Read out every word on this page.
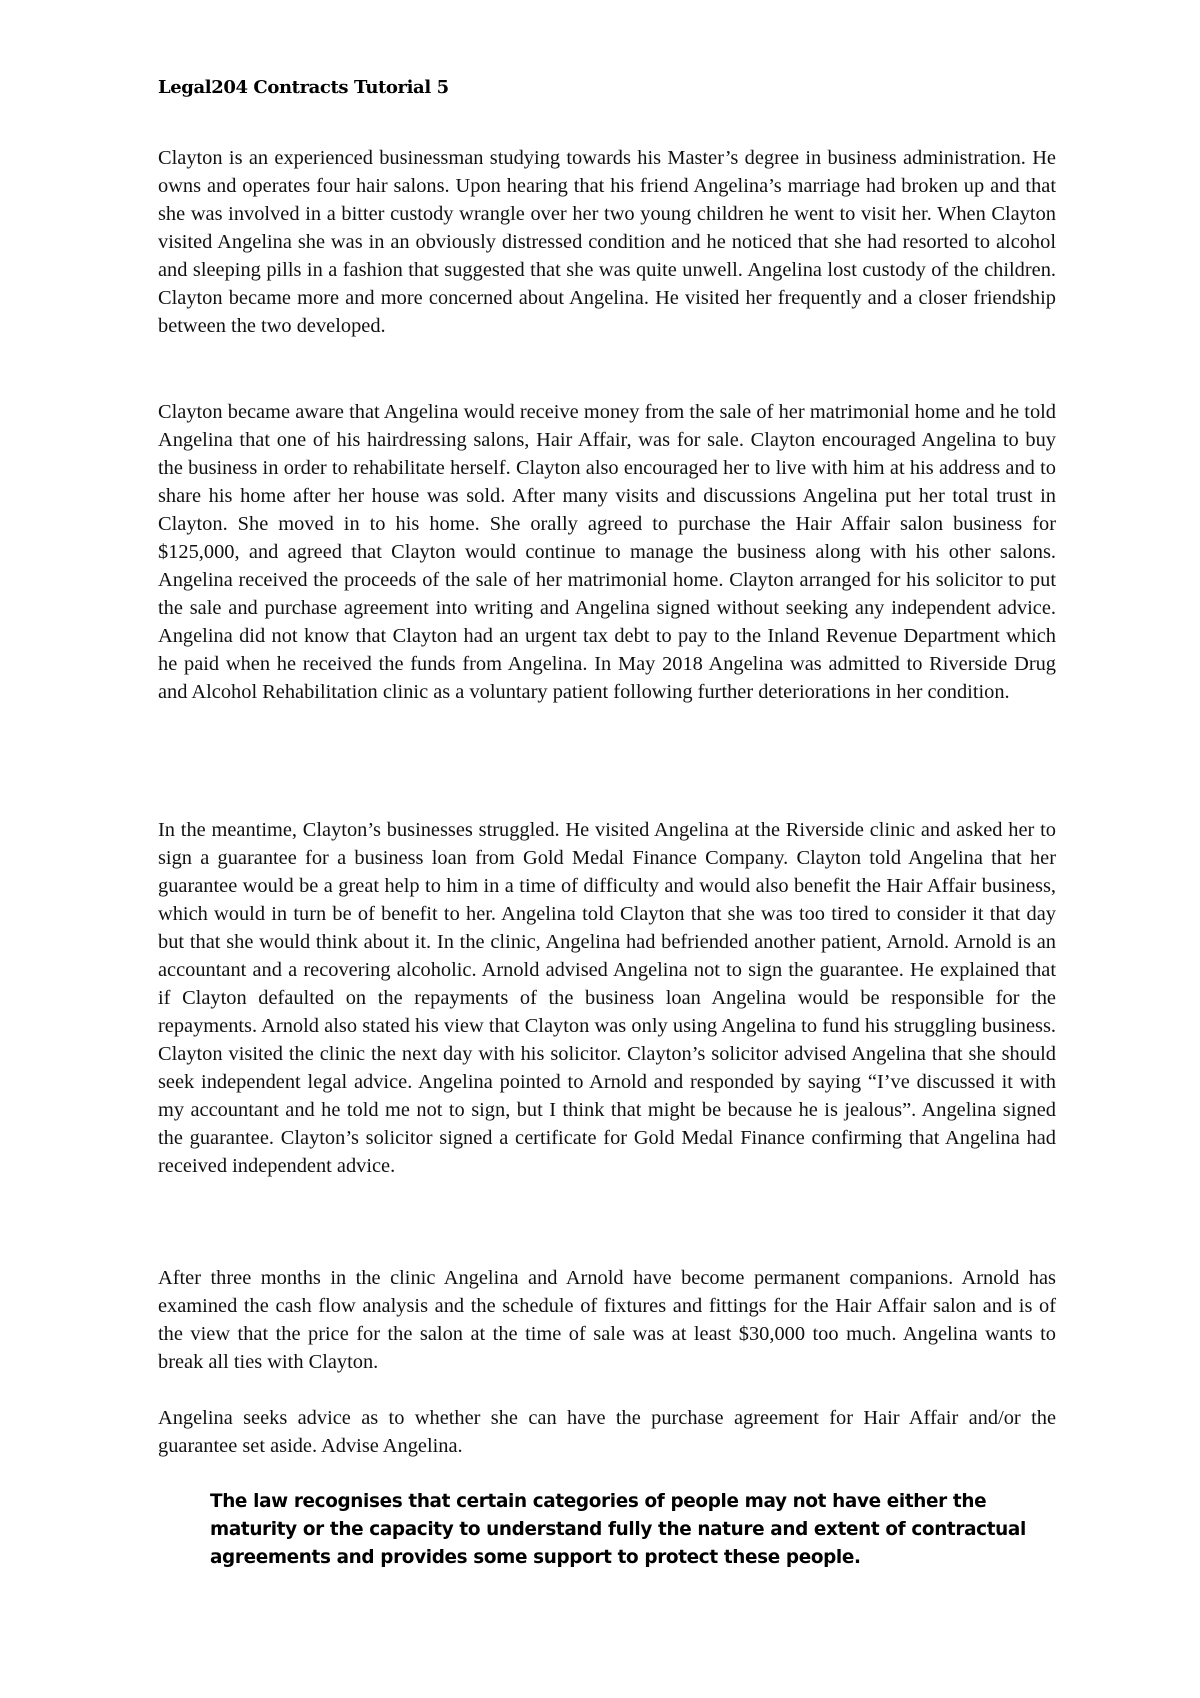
Legal204 Contracts Tutorial 5

Clayton is an experienced businessman studying towards his Master’s degree in business administration. He owns and operates four hair salons. Upon hearing that his friend Angelina’s marriage had broken up and that she was involved in a bitter custody wrangle over her two young children he went to visit her. When Clayton visited Angelina she was in an obviously distressed condition and he noticed that she had resorted to alcohol and sleeping pills in a fashion that suggested that she was quite unwell. Angelina lost custody of the children. Clayton became more and more concerned about Angelina. He visited her frequently and a closer friendship between the two developed.

Clayton became aware that Angelina would receive money from the sale of her matrimonial home and he told Angelina that one of his hairdressing salons, Hair Affair, was for sale. Clayton encouraged Angelina to buy the business in order to rehabilitate herself. Clayton also encouraged her to live with him at his address and to share his home after her house was sold. After many visits and discussions Angelina put her total trust in Clayton. She moved in to his home. She orally agreed to purchase the Hair Affair salon business for $125,000, and agreed that Clayton would continue to manage the business along with his other salons. Angelina received the proceeds of the sale of her matrimonial home. Clayton arranged for his solicitor to put the sale and purchase agreement into writing and Angelina signed without seeking any independent advice. Angelina did not know that Clayton had an urgent tax debt to pay to the Inland Revenue Department which he paid when he received the funds from Angelina. In May 2018 Angelina was admitted to Riverside Drug and Alcohol Rehabilitation clinic as a voluntary patient following further deteriorations in her condition.

In the meantime, Clayton’s businesses struggled. He visited Angelina at the Riverside clinic and asked her to sign a guarantee for a business loan from Gold Medal Finance Company. Clayton told Angelina that her guarantee would be a great help to him in a time of difficulty and would also benefit the Hair Affair business, which would in turn be of benefit to her. Angelina told Clayton that she was too tired to consider it that day but that she would think about it. In the clinic, Angelina had befriended another patient, Arnold. Arnold is an accountant and a recovering alcoholic. Arnold advised Angelina not to sign the guarantee. He explained that if Clayton defaulted on the repayments of the business loan Angelina would be responsible for the repayments. Arnold also stated his view that Clayton was only using Angelina to fund his struggling business. Clayton visited the clinic the next day with his solicitor. Clayton’s solicitor advised Angelina that she should seek independent legal advice. Angelina pointed to Arnold and responded by saying “I’ve discussed it with my accountant and he told me not to sign, but I think that might be because he is jealous”. Angelina signed the guarantee. Clayton’s solicitor signed a certificate for Gold Medal Finance confirming that Angelina had received independent advice.

After three months in the clinic Angelina and Arnold have become permanent companions. Arnold has examined the cash flow analysis and the schedule of fixtures and fittings for the Hair Affair salon and is of the view that the price for the salon at the time of sale was at least $30,000 too much. Angelina wants to break all ties with Clayton.

Angelina seeks advice as to whether she can have the purchase agreement for Hair Affair and/or the guarantee set aside. Advise Angelina.

The law recognises that certain categories of people may not have either the maturity or the capacity to understand fully the nature and extent of contractual agreements and provides some support to protect these people.
